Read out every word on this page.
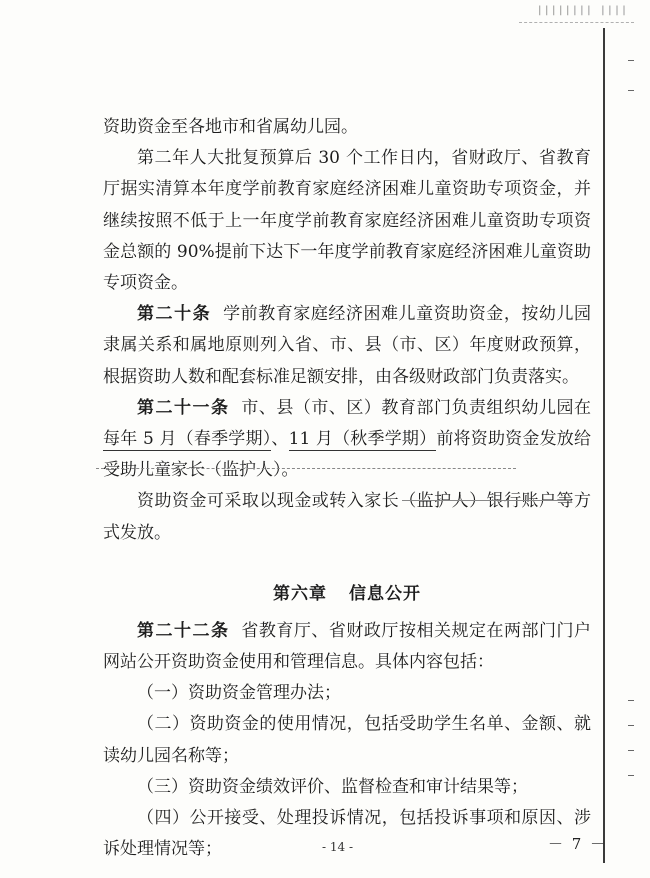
|||||||| ||||

资助资金至各地市和省属幼儿园。

第二年人大批复预算后 30 个工作日内，省财政厅、省教育厅据实清算本年度学前教育家庭经济困难儿童资助专项资金，并继续按照不低于上一年度学前教育家庭经济困难儿童资助专项资金总额的 90%提前下达下一年度学前教育家庭经济困难儿童资助专项资金。

第二十条 学前教育家庭经济困难儿童资助资金，按幼儿园隶属关系和属地原则列入省、市、县（市、区）年度财政预算，根据资助人数和配套标准足额安排，由各级财政部门负责落实。

第二十一条 市、县（市、区）教育部门负责组织幼儿园在每年 5 月（春季学期）、11 月（秋季学期）前将资助资金发放给受助儿童家长（监护人）。

资助资金可采取以现金或转入家长（监护人）银行账户等方式发放。

第六章 信息公开

第二十二条 省教育厅、省财政厅按相关规定在两部门门户网站公开资助资金使用和管理信息。具体内容包括：

（一）资助资金管理办法；

（二）资助资金的使用情况，包括受助学生名单、金额、就读幼儿园名称等；

（三）资助资金绩效评价、监督检查和审计结果等；

（四）公开接受、处理投诉情况，包括投诉事项和原因、涉诉处理情况等；	- 14 -	－ 7 －
